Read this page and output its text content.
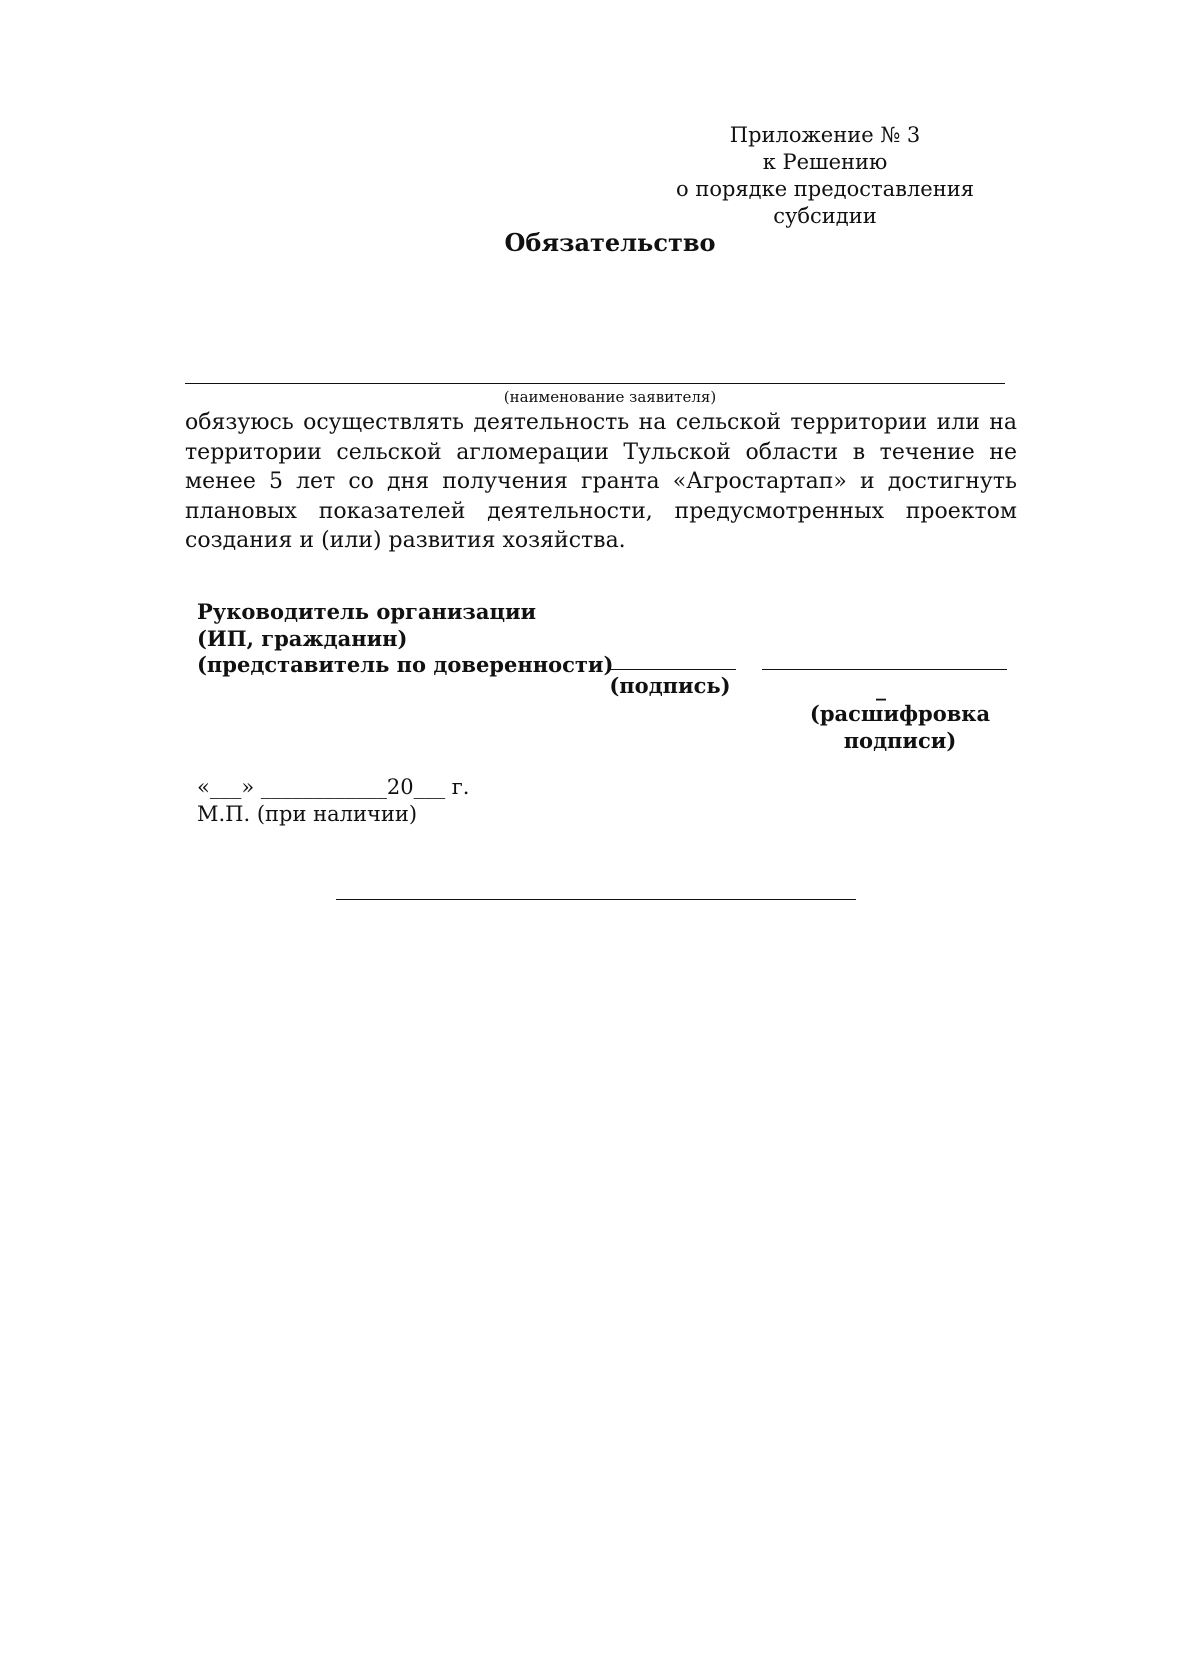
Приложение № 3
к Решению
о порядке предоставления
субсидии
Обязательство
(наименование заявителя)
обязуюсь осуществлять деятельность на сельской территории или на территории сельской агломерации Тульской области в течение не менее 5 лет со дня получения гранта «Агростартап» и достигнуть плановых показателей деятельности, предусмотренных проектом создания и (или) развития хозяйства.
Руководитель организации
(ИП, гражданин)
(представитель по доверенности)
(подпись)	_
(расшифровка подписи)
«___» ____________20___ г.
М.П. (при наличии)
